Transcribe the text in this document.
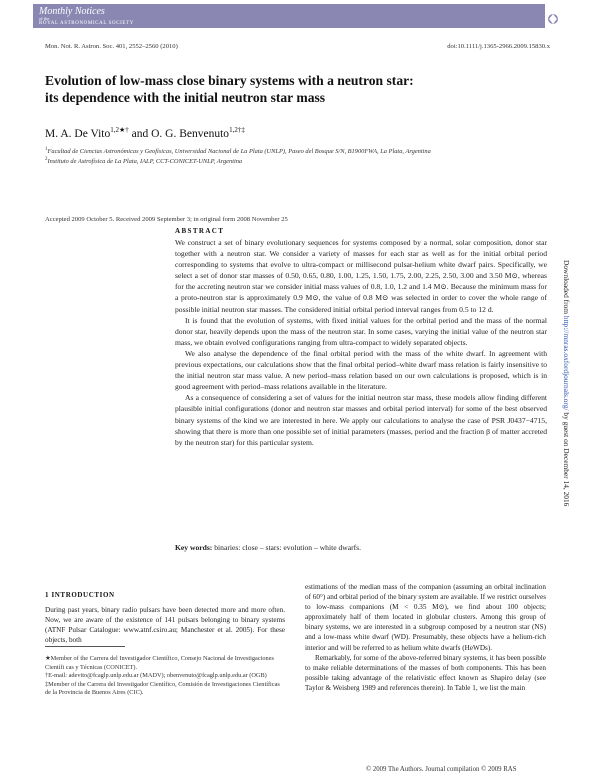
Monthly Notices
of the
ROYAL ASTRONOMICAL SOCIETY
Mon. Not. R. Astron. Soc. 401, 2552–2560 (2010)	doi:10.1111/j.1365-2966.2009.15830.x
Evolution of low-mass close binary systems with a neutron star:
its dependence with the initial neutron star mass
M. A. De Vito$^{1,2★\dagger}$ and O. G. Benvenuto$^{1,2\dagger\ddagger}$
$^1$Facultad de Ciencias Astronómicas y Geofísicas, Universidad Nacional de La Plata (UNLP), Paseo del Bosque S/N, B1900FWA, La Plata, Argentina
$^2$Instituto de Astrofísica de La Plata, IALP, CCT-CONICET-UNLP, Argentina
Accepted 2009 October 5. Received 2009 September 3; in original form 2008 November 25
ABSTRACT

We construct a set of binary evolutionary sequences for systems composed by a normal, solar composition, donor star together with a neutron star. We consider a variety of masses for each star as well as for the initial orbital period corresponding to systems that evolve to ultra-compact or millisecond pulsar-helium white dwarf pairs. Specifically, we select a set of donor star masses of 0.50, 0.65, 0.80, 1.00, 1.25, 1.50, 1.75, 2.00, 2.25, 2.50, 3.00 and 3.50 M⊙, whereas for the accreting neutron star we consider initial mass values of 0.8, 1.0, 1.2 and 1.4 M⊙. Because the minimum mass for a proto-neutron star is approximately 0.9 M⊙, the value of 0.8 M⊙ was selected in order to cover the whole range of possible initial neutron star masses. The considered initial orbital period interval ranges from 0.5 to 12 d.

It is found that the evolution of systems, with fixed initial values for the orbital period and the mass of the normal donor star, heavily depends upon the mass of the neutron star. In some cases, varying the initial value of the neutron star mass, we obtain evolved configurations ranging from ultra-compact to widely separated objects.

We also analyse the dependence of the final orbital period with the mass of the white dwarf. In agreement with previous expectations, our calculations show that the final orbital period–white dwarf mass relation is fairly insensitive to the initial neutron star mass value. A new period–mass relation based on our own calculations is proposed, which is in good agreement with period–mass relations available in the literature.

As a consequence of considering a set of values for the initial neutron star mass, these models allow finding different plausible initial configurations (donor and neutron star masses and orbital period interval) for some of the best observed binary systems of the kind we are interested in here. We apply our calculations to analyse the case of PSR J0437−4715, showing that there is more than one possible set of initial parameters (masses, period and the fraction β of matter accreted by the neutron star) for this particular system.

Key words: binaries: close – stars: evolution – white dwarfs.
Downloaded from http://mnras.oxfordjournals.org/ by guest on December 14, 2016
1 INTRODUCTION
During past years, binary radio pulsars have been detected more and more often. Now, we are aware of the existence of 141 pulsars belonging to binary systems (ATNF Pulsar Catalogue: www.atnf.csiro.au; Manchester et al. 2005). For these objects, both

★Member of the Carrera del Investigador Científico, Consejo Nacional de Investigaciones Científi cas y Técnicas (CONICET).

†E-mail: adevito@fcaglp.unlp.edu.ar (MADV); obenvenuto@fcaglp.unlp.edu.ar (OGB)

‡Member of the Carrera del Investigador Científico, Comisión de Investigaciones Científicas de la Provincia de Buenos Aires (CIC).

estimations of the median mass of the companion (assuming an orbital inclination of 60°) and orbital period of the binary system are available. If we restrict ourselves to low-mass companions (M < 0.35 M⊙), we find about 100 objects; approximately half of them located in globular clusters. Among this group of binary systems, we are interested in a subgroup composed by a neutron star (NS) and a low-mass white dwarf (WD). Presumably, these objects have a helium-rich interior and will be referred to as helium white dwarfs (HeWDs).

Remarkably, for some of the above-referred binary systems, it has been possible to make reliable determinations of the masses of both components. This has been possible taking advantage of the relativistic effect known as Shapiro delay (see Taylor & Weisberg 1989 and references therein). In Table 1, we list the main

© 2009 The Authors. Journal compilation © 2009 RAS
